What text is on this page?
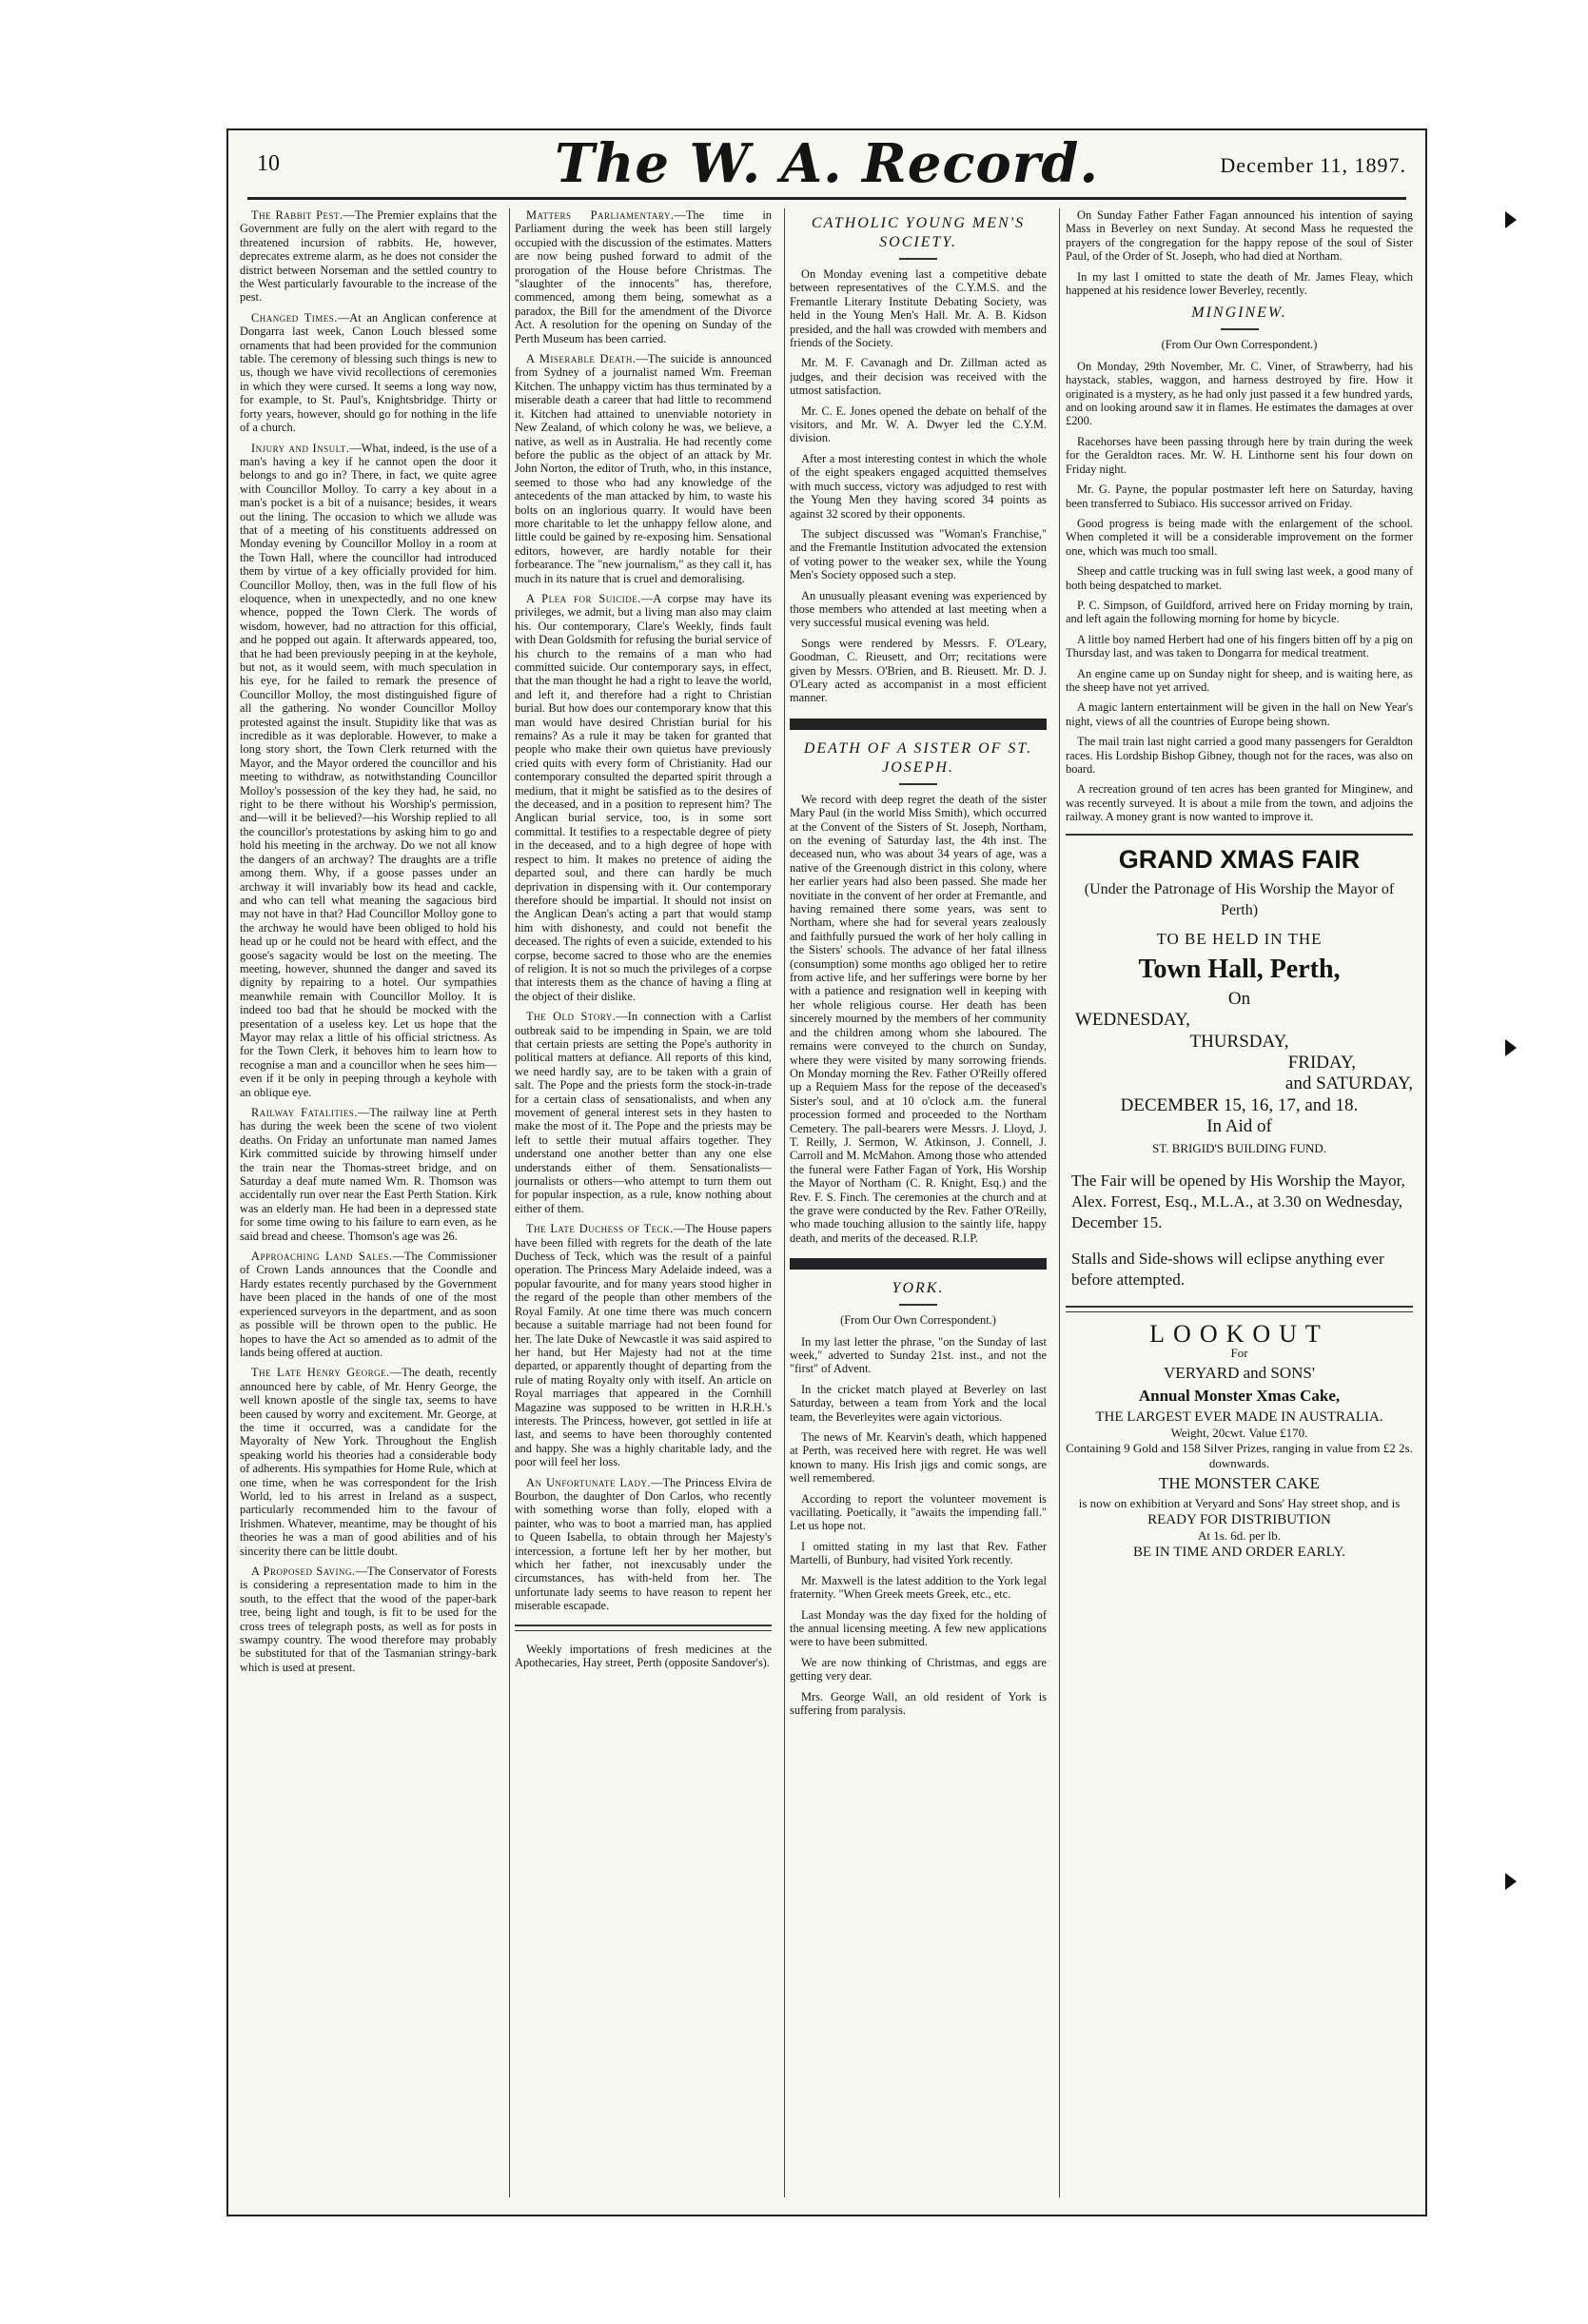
10	The W. A. Record.	December 11, 1897.

The Rabbit Pest.—The Premier explains that the Government are fully on the alert with regard to the threatened incursion of rabbits. He, however, deprecates extreme alarm, as he does not consider the district between Norseman and the settled country to the West particularly favourable to the increase of the pest.

Changed Times.—At an Anglican conference at Dongarra last week, Canon Louch blessed some ornaments that had been provided for the communion table. The ceremony of blessing such things is new to us, though we have vivid recollections of ceremonies in which they were cursed. It seems a long way now, for example, to St. Paul's, Knightsbridge. Thirty or forty years, however, should go for nothing in the life of a church.

Injury and Insult.—What, indeed, is the use of a man's having a key if he cannot open the door it belongs to and go in? There, in fact, we quite agree with Councillor Molloy. To carry a key about in a man's pocket is a bit of a nuisance; besides, it wears out the lining. The occasion to which we allude was that of a meeting of his constituents addressed on Monday evening by Councillor Molloy in a room at the Town Hall, where the councillor had introduced them by virtue of a key officially provided for him. Councillor Molloy, then, was in the full flow of his eloquence, when in unexpectedly, and no one knew whence, popped the Town Clerk. The words of wisdom, however, had no attraction for this official, and he popped out again. It afterwards appeared, too, that he had been previously peeping in at the keyhole, but not, as it would seem, with much speculation in his eye, for he failed to remark the presence of Councillor Molloy, the most distinguished figure of all the gathering. No wonder Councillor Molloy protested against the insult. Stupidity like that was as incredible as it was deplorable. However, to make a long story short, the Town Clerk returned with the Mayor, and the Mayor ordered the councillor and his meeting to withdraw, as notwithstanding Councillor Molloy's possession of the key they had, he said, no right to be there without his Worship's permission, and—will it be believed?—his Worship replied to all the councillor's protestations by asking him to go and hold his meeting in the archway. Do we not all know the dangers of an archway? The draughts are a trifle among them. Why, if a goose passes under an archway it will invariably bow its head and cackle, and who can tell what meaning the sagacious bird may not have in that? Had Councillor Molloy gone to the archway he would have been obliged to hold his head up or he could not be heard with effect, and the goose's sagacity would be lost on the meeting. The meeting, however, shunned the danger and saved its dignity by repairing to a hotel. Our sympathies meanwhile remain with Councillor Molloy. It is indeed too bad that he should be mocked with the presentation of a useless key. Let us hope that the Mayor may relax a little of his official strictness. As for the Town Clerk, it behoves him to learn how to recognise a man and a councillor when he sees him—even if it be only in peeping through a keyhole with an oblique eye.

Railway Fatalities.—The railway line at Perth has during the week been the scene of two violent deaths. On Friday an unfortunate man named James Kirk committed suicide by throwing himself under the train near the Thomas-street bridge, and on Saturday a deaf mute named Wm. R. Thomson was accidentally run over near the East Perth Station. Kirk was an elderly man. He had been in a depressed state for some time owing to his failure to earn even, as he said bread and cheese. Thomson's age was 26.

Approaching Land Sales.—The Commissioner of Crown Lands announces that the Coondle and Hardy estates recently purchased by the Government have been placed in the hands of one of the most experienced surveyors in the department, and as soon as possible will be thrown open to the public. He hopes to have the Act so amended as to admit of the lands being offered at auction.

The Late Henry George.—The death, recently announced here by cable, of Mr. Henry George, the well known apostle of the single tax, seems to have been caused by worry and excitement. Mr. George, at the time it occurred, was a candidate for the Mayoralty of New York. Throughout the English speaking world his theories had a considerable body of adherents. His sympathies for Home Rule, which at one time, when he was correspondent for the Irish World, led to his arrest in Ireland as a suspect, particularly recommended him to the favour of Irishmen. Whatever, meantime, may be thought of his theories he was a man of good abilities and of his sincerity there can be little doubt.

A Proposed Saving.—The Conservator of Forests is considering a representation made to him in the south, to the effect that the wood of the paper-bark tree, being light and tough, is fit to be used for the cross trees of telegraph posts, as well as for posts in swampy country. The wood therefore may probably be substituted for that of the Tasmanian stringy-bark which is used at present.

Matters Parliamentary.—The time in Parliament during the week has been still largely occupied with the discussion of the estimates. Matters are now being pushed forward to admit of the prorogation of the House before Christmas. The "slaughter of the innocents" has, therefore, commenced, among them being, somewhat as a paradox, the Bill for the amendment of the Divorce Act. A resolution for the opening on Sunday of the Perth Museum has been carried.

A Miserable Death.—The suicide is announced from Sydney of a journalist named Wm. Freeman Kitchen. The unhappy victim has thus terminated by a miserable death a career that had little to recommend it. Kitchen had attained to unenviable notoriety in New Zealand, of which colony he was, we believe, a native, as well as in Australia. He had recently come before the public as the object of an attack by Mr. John Norton, the editor of Truth, who, in this instance, seemed to those who had any knowledge of the antecedents of the man attacked by him, to waste his bolts on an inglorious quarry. It would have been more charitable to let the unhappy fellow alone, and little could be gained by re-exposing him. Sensational editors, however, are hardly notable for their forbearance. The "new journalism," as they call it, has much in its nature that is cruel and demoralising.

A Plea for Suicide.—A corpse may have its privileges, we admit, but a living man also may claim his. Our contemporary, Clare's Weekly, finds fault with Dean Goldsmith for refusing the burial service of his church to the remains of a man who had committed suicide. Our contemporary says, in effect, that the man thought he had a right to leave the world, and left it, and therefore had a right to Christian burial. But how does our contemporary know that this man would have desired Christian burial for his remains? As a rule it may be taken for granted that people who make their own quietus have previously cried quits with every form of Christianity. Had our contemporary consulted the departed spirit through a medium, that it might be satisfied as to the desires of the deceased, and in a position to represent him? The Anglican burial service, too, is in some sort committal. It testifies to a respectable degree of piety in the deceased, and to a high degree of hope with respect to him. It makes no pretence of aiding the departed soul, and there can hardly be much deprivation in dispensing with it. Our contemporary therefore should be impartial. It should not insist on the Anglican Dean's acting a part that would stamp him with dishonesty, and could not benefit the deceased. The rights of even a suicide, extended to his corpse, become sacred to those who are the enemies of religion. It is not so much the privileges of a corpse that interests them as the chance of having a fling at the object of their dislike.

The Old Story.—In connection with a Carlist outbreak said to be impending in Spain, we are told that certain priests are setting the Pope's authority in political matters at defiance. All reports of this kind, we need hardly say, are to be taken with a grain of salt. The Pope and the priests form the stock-in-trade for a certain class of sensationalists, and when any movement of general interest sets in they hasten to make the most of it. The Pope and the priests may be left to settle their mutual affairs together. They understand one another better than any one else understands either of them. Sensationalists—journalists or others—who attempt to turn them out for popular inspection, as a rule, know nothing about either of them.

The Late Duchess of Teck.—The House papers have been filled with regrets for the death of the late Duchess of Teck, which was the result of a painful operation. The Princess Mary Adelaide indeed, was a popular favourite, and for many years stood higher in the regard of the people than other members of the Royal Family. At one time there was much concern because a suitable marriage had not been found for her. The late Duke of Newcastle it was said aspired to her hand, but Her Majesty had not at the time departed, or apparently thought of departing from the rule of mating Royalty only with itself. An article on Royal marriages that appeared in the Cornhill Magazine was supposed to be written in H.R.H.'s interests. The Princess, however, got settled in life at last, and seems to have been thoroughly contented and happy. She was a highly charitable lady, and the poor will feel her loss.

An Unfortunate Lady.—The Princess Elvira de Bourbon, the daughter of Don Carlos, who recently with something worse than folly, eloped with a painter, who was to boot a married man, has applied to Queen Isabella, to obtain through her Majesty's intercession, a fortune left her by her mother, but which her father, not inexcusably under the circumstances, has with-held from her. The unfortunate lady seems to have reason to repent her miserable escapade.

Weekly importations of fresh medicines at the Apothecaries, Hay street, Perth (opposite Sandover's).

CATHOLIC YOUNG MEN'S SOCIETY.

On Monday evening last a competitive debate between representatives of the C.Y.M.S. and the Fremantle Literary Institute Debating Society, was held in the Young Men's Hall. Mr. A. B. Kidson presided, and the hall was crowded with members and friends of the Society.

Mr. M. F. Cavanagh and Dr. Zillman acted as judges, and their decision was received with the utmost satisfaction.

Mr. C. E. Jones opened the debate on behalf of the visitors, and Mr. W. A. Dwyer led the C.Y.M. division.

After a most interesting contest in which the whole of the eight speakers engaged acquitted themselves with much success, victory was adjudged to rest with the Young Men they having scored 34 points as against 32 scored by their opponents.

The subject discussed was "Woman's Franchise," and the Fremantle Institution advocated the extension of voting power to the weaker sex, while the Young Men's Society opposed such a step.

An unusually pleasant evening was experienced by those members who attended at last meeting when a very successful musical evening was held.

Songs were rendered by Messrs. F. O'Leary, Goodman, C. Rieusett, and Orr; recitations were given by Messrs. O'Brien, and B. Rieusett. Mr. D. J. O'Leary acted as accompanist in a most efficient manner.

DEATH OF A SISTER OF ST. JOSEPH.

We record with deep regret the death of the sister Mary Paul (in the world Miss Smith), which occurred at the Convent of the Sisters of St. Joseph, Northam, on the evening of Saturday last, the 4th inst. The deceased nun, who was about 34 years of age, was a native of the Greenough district in this colony, where her earlier years had also been passed. She made her novitiate in the convent of her order at Fremantle, and having remained there some years, was sent to Northam, where she had for several years zealously and faithfully pursued the work of her holy calling in the Sisters' schools. The advance of her fatal illness (consumption) some months ago obliged her to retire from active life, and her sufferings were borne by her with a patience and resignation well in keeping with her whole religious course. Her death has been sincerely mourned by the members of her community and the children among whom she laboured. The remains were conveyed to the church on Sunday, where they were visited by many sorrowing friends. On Monday morning the Rev. Father O'Reilly offered up a Requiem Mass for the repose of the deceased's Sister's soul, and at 10 o'clock a.m. the funeral procession formed and proceeded to the Northam Cemetery. The pall-bearers were Messrs. J. Lloyd, J. T. Reilly, J. Sermon, W. Atkinson, J. Connell, J. Carroll and M. McMahon. Among those who attended the funeral were Father Fagan of York, His Worship the Mayor of Northam (C. R. Knight, Esq.) and the Rev. F. S. Finch. The ceremonies at the church and at the grave were conducted by the Rev. Father O'Reilly, who made touching allusion to the saintly life, happy death, and merits of the deceased. R.I.P.

YORK.
(From Our Own Correspondent.)

In my last letter the phrase, "on the Sunday of last week," adverted to Sunday 21st. inst., and not the "first" of Advent.

In the cricket match played at Beverley on last Saturday, between a team from York and the local team, the Beverleyites were again victorious.

The news of Mr. Kearvin's death, which happened at Perth, was received here with regret. He was well known to many. His Irish jigs and comic songs, are well remembered.

According to report the volunteer movement is vacillating. Poetically, it "awaits the impending fall." Let us hope not.

I omitted stating in my last that Rev. Father Martelli, of Bunbury, had visited York recently.

Mr. Maxwell is the latest addition to the York legal fraternity. "When Greek meets Greek, etc., etc.

Last Monday was the day fixed for the holding of the annual licensing meeting. A few new applications were to have been submitted.

We are now thinking of Christmas, and eggs are getting very dear.

Mrs. George Wall, an old resident of York is suffering from paralysis.

On Sunday Father Father Fagan announced his intention of saying Mass in Beverley on next Sunday. At second Mass he requested the prayers of the congregation for the happy repose of the soul of Sister Paul, of the Order of St. Joseph, who had died at Northam.

In my last I omitted to state the death of Mr. James Fleay, which happened at his residence lower Beverley, recently.

MINGINEW.
(From Our Own Correspondent.)

On Monday, 29th November, Mr. C. Viner, of Strawberry, had his haystack, stables, waggon, and harness destroyed by fire. How it originated is a mystery, as he had only just passed it a few hundred yards, and on looking around saw it in flames. He estimates the damages at over £200.

Racehorses have been passing through here by train during the week for the Geraldton races. Mr. W. H. Linthorne sent his four down on Friday night.

Mr. G. Payne, the popular postmaster left here on Saturday, having been transferred to Subiaco. His successor arrived on Friday.

Good progress is being made with the enlargement of the school. When completed it will be a considerable improvement on the former one, which was much too small.

Sheep and cattle trucking was in full swing last week, a good many of both being despatched to market.

P. C. Simpson, of Guildford, arrived here on Friday morning by train, and left again the following morning for home by bicycle.

A little boy named Herbert had one of his fingers bitten off by a pig on Thursday last, and was taken to Dongarra for medical treatment.

An engine came up on Sunday night for sheep, and is waiting here, as the sheep have not yet arrived.

A magic lantern entertainment will be given in the hall on New Year's night, views of all the countries of Europe being shown.

The mail train last night carried a good many passengers for Geraldton races. His Lordship Bishop Gibney, though not for the races, was also on board.

A recreation ground of ten acres has been granted for Minginew, and was recently surveyed. It is about a mile from the town, and adjoins the railway. A money grant is now wanted to improve it.

GRAND XMAS FAIR
(Under the Patronage of His Worship the Mayor of Perth)
TO BE HELD IN THE
Town Hall, Perth,
On
WEDNESDAY,
THURSDAY,
FRIDAY,
and SATURDAY,
DECEMBER 15, 16, 17, and 18.
In Aid of
ST. BRIGID'S BUILDING FUND.
The Fair will be opened by His Worship the Mayor, Alex. Forrest, Esq., M.L.A., at 3.30 on Wednesday, December 15.
Stalls and Side-shows will eclipse anything ever before attempted.
LOOKOUT
For
VERYARD and SONS'
Annual Monster Xmas Cake,
THE LARGEST EVER MADE IN AUSTRALIA.
Weight, 20cwt. Value £170.
Containing 9 Gold and 158 Silver Prizes, ranging in value from £2 2s. downwards.
THE MONSTER CAKE
is now on exhibition at Veryard and Sons' Hay street shop, and is
READY FOR DISTRIBUTION
At 1s. 6d. per lb.
BE IN TIME AND ORDER EARLY.
